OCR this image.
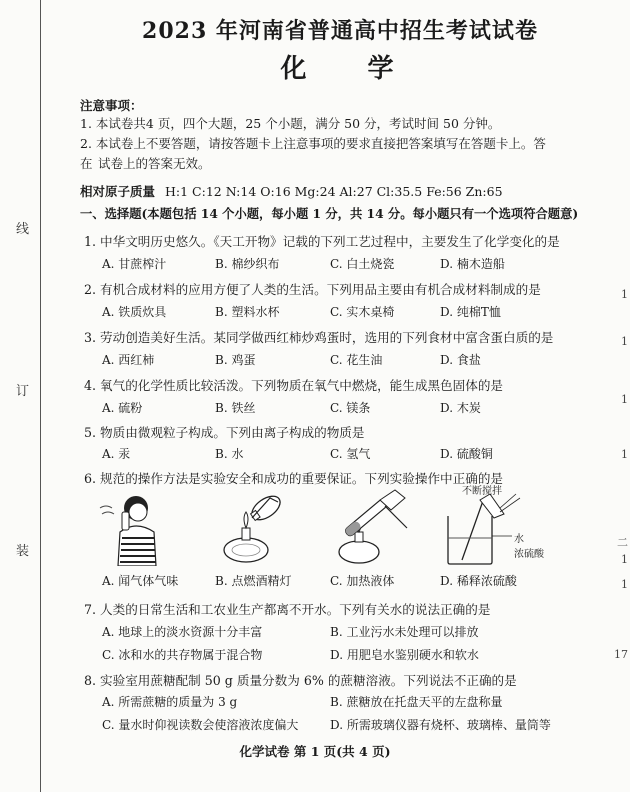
线
订
装
1
1
1
1
二
1
1
17
2023 年河南省普通高中招生考试试卷
化 学
注意事项：
1. 本试卷共4 页，四个大题，25 个小题，满分 50 分，考试时间 50 分钟。
2. 本试卷上不要答题，请按答题卡上注意事项的要求直接把答案填写在答题卡上。答在 试卷上的答案无效。
相对原子质量 H:1 C:12 N:14 O:16 Mg:24 Al:27 Cl:35.5 Fe:56 Zn:65
一、选择题(本题包括 14 个小题，每小题 1 分，共 14 分。每小题只有一个选项符合题意)
1. 中华文明历史悠久。《天工开物》记载的下列工艺过程中，主要发生了化学变化的是
A. 甘蔗榨汁	B. 棉纱织布	C. 白土烧瓷	D. 楠木造船
2. 有机合成材料的应用方便了人类的生活。下列用品主要由有机合成材料制成的是
A. 铁质炊具	B. 塑料水杯	C. 实木桌椅	D. 纯棉T恤
3. 劳动创造美好生活。某同学做西红柿炒鸡蛋时，选用的下列食材中富含蛋白质的是
A. 西红柿	B. 鸡蛋	C. 花生油	D. 食盐
4. 氧气的化学性质比较活泼。下列物质在氧气中燃烧，能生成黑色固体的是
A. 硫粉	B. 铁丝	C. 镁条	D. 木炭
5. 物质由微观粒子构成。下列由离子构成的物质是
A. 汞	B. 水	C. 氢气	D. 硫酸铜
6. 规范的操作方法是实验安全和成功的重要保证。下列实验操作中正确的是
不断搅拌
水
浓硫酸
A. 闻气体气味	B. 点燃酒精灯	C. 加热液体	D. 稀释浓硫酸
7. 人类的日常生活和工农业生产都离不开水。下列有关水的说法正确的是
A. 地球上的淡水资源十分丰富	B. 工业污水未处理可以排放
C. 冰和水的共存物属于混合物	D. 用肥皂水鉴别硬水和软水
8. 实验室用蔗糖配制 50 g 质量分数为 6% 的蔗糖溶液。下列说法不正确的是
A. 所需蔗糖的质量为 3 g	B. 蔗糖放在托盘天平的左盘称量
C. 量水时仰视读数会使溶液浓度偏大	D. 所需玻璃仪器有烧杯、玻璃棒、量筒等
化学试卷 第 1 页(共 4 页)
